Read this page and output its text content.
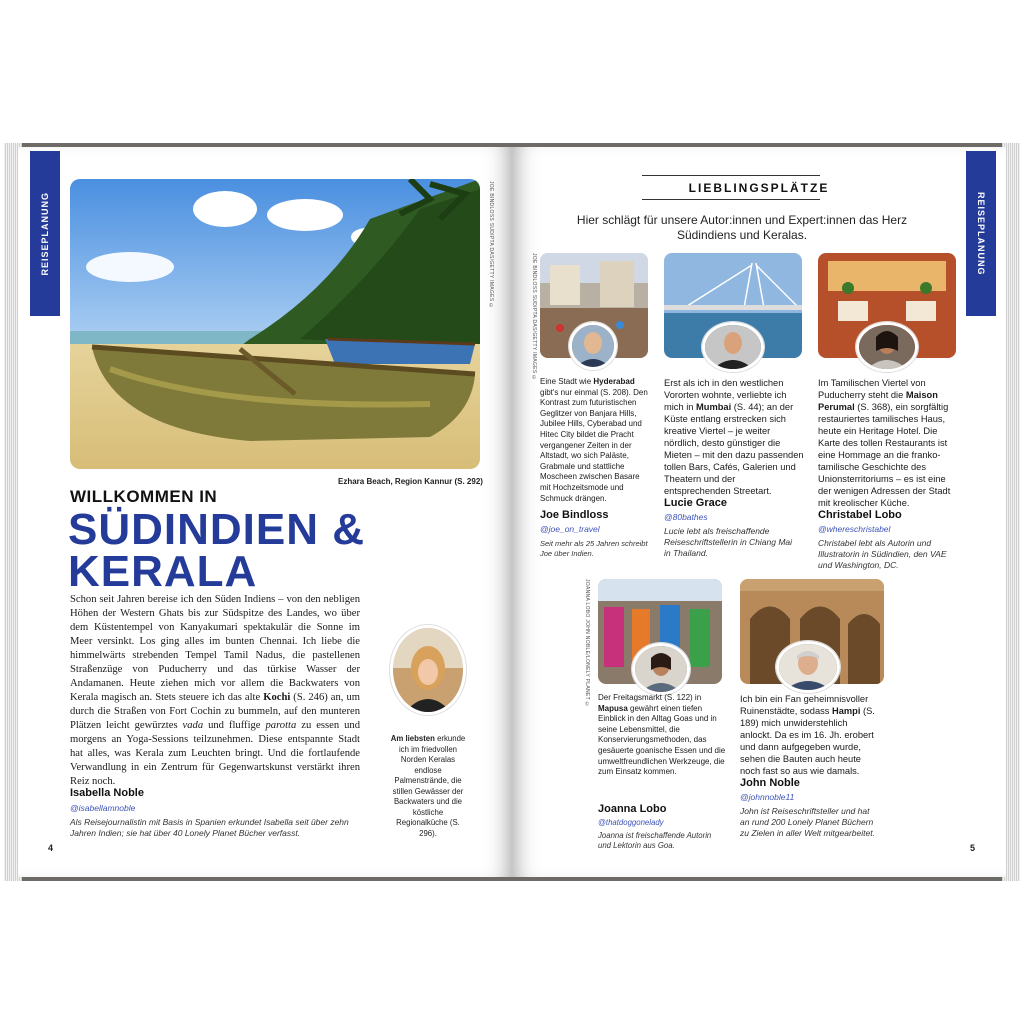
REISEPLANUNG	JOE BINDLOSS SUDIPTA DAS/GETTY IMAGES ©
Ezhara Beach, Region Kannur (S. 292)
WILLKOMMEN IN
SÜDINDIEN &
KERALA
Schon seit Jahren bereise ich den Süden Indiens – von den nebligen Höhen der Western Ghats bis zur Südspitze des Landes, wo über dem Küstentempel von Kanyakumari spektakulär die Sonne im Meer versinkt. Los ging alles im bunten Chennai. Ich liebe die himmelwärts strebenden Tempel Tamil Nadus, die pastellenen Straßenzüge von Puducherry und das türkise Wasser der Andamanen. Heute ziehen mich vor allem die Backwaters von Kerala magisch an. Stets steuere ich das alte Kochi (S. 246) an, um durch die Straßen von Fort Cochin zu bummeln, auf den munteren Plätzen leicht gewürztes vada und fluffige parotta zu essen und morgens an Yoga-Sessions teilzunehmen. Diese entspannte Stadt hat alles, was Kerala zum Leuchten bringt. Und die fortlaufende Verwandlung in ein Zentrum für Gegenwartskunst verstärkt ihren Reiz noch.
Am liebsten erkunde ich im friedvollen Norden Keralas endlose Palmenstrände, die stillen Gewässer der Backwaters und die köstliche Regionalküche (S. 296).
Isabella Noble
@isabellamnoble
Als Reisejournalistin mit Basis in Spanien erkundet Isabella seit über zehn Jahren Indien; sie hat über 40 Lonely Planet Bücher verfasst.
4
REISEPLANUNG
LIEBLINGSPLÄTZE
Hier schlägt für unsere Autor:innen und Expert:innen das Herz Südindiens und Keralas.
JOE BINDLOSS SUDIPTA DAS/GETTY IMAGES ©
Eine Stadt wie Hyderabad gibt's nur einmal (S. 208). Den Kontrast zum futuristischen Geglitzer von Banjara Hills, Jubilee Hills, Cyberabad und Hitec City bildet die Pracht vergangener Zeiten in der Altstadt, wo sich Paläste, Grabmale und stattliche Moscheen zwischen Basare mit Hochzeitsmode und Schmuck drängen.
Joe Bindloss
@joe_on_travel
Seit mehr als 25 Jahren schreibt Joe über Indien.
Erst als ich in den westlichen Vororten wohnte, verliebte ich mich in Mumbai (S. 44); an der Küste entlang erstrecken sich kreative Viertel – je weiter nördlich, desto günstiger die Mieten – mit den dazu passenden tollen Bars, Cafés, Galerien und Theatern und der entsprechenden Streetart.
Lucie Grace
@80bathes
Lucie lebt als freischaffende Reiseschriftstellerin in Chiang Mai in Thailand.
Im Tamilischen Viertel von Puducherry steht die Maison Perumal (S. 368), ein sorgfältig restauriertes tamilisches Haus, heute ein Heritage Hotel. Die Karte des tollen Restaurants ist eine Hommage an die franko-tamilische Geschichte des Unionsterritoriums – es ist eine der wenigen Adressen der Stadt mit kreolischer Küche.
Christabel Lobo
@whereschristabel
Christabel lebt als Autorin und Illustratorin in Südindien, den VAE und Washington, DC.
JOANNA LOBO JOHN NOBLE/LONELY PLANET © Der Freitagsmarkt (S. 122) in Mapusa gewährt einen tiefen Einblick in den Alltag Goas und in seine Lebensmittel, die Konservierungsmethoden, das gesäuerte goanische Essen und die umweltfreundlichen Werkzeuge, die zum Einsatz kommen.
Joanna Lobo
@thatdoggonelady
Joanna ist freischaffende Autorin und Lektorin aus Goa.
Ich bin ein Fan geheimnisvoller Ruinenstädte, sodass Hampi (S. 189) mich unwiderstehlich anlockt. Da es im 16. Jh. erobert und dann aufgegeben wurde, sehen die Bauten auch heute noch fast so aus wie damals.
John Noble
@johnnoble11
John ist Reiseschriftsteller und hat an rund 200 Lonely Planet Büchern zu Zielen in aller Welt mitgearbeitet.
5
